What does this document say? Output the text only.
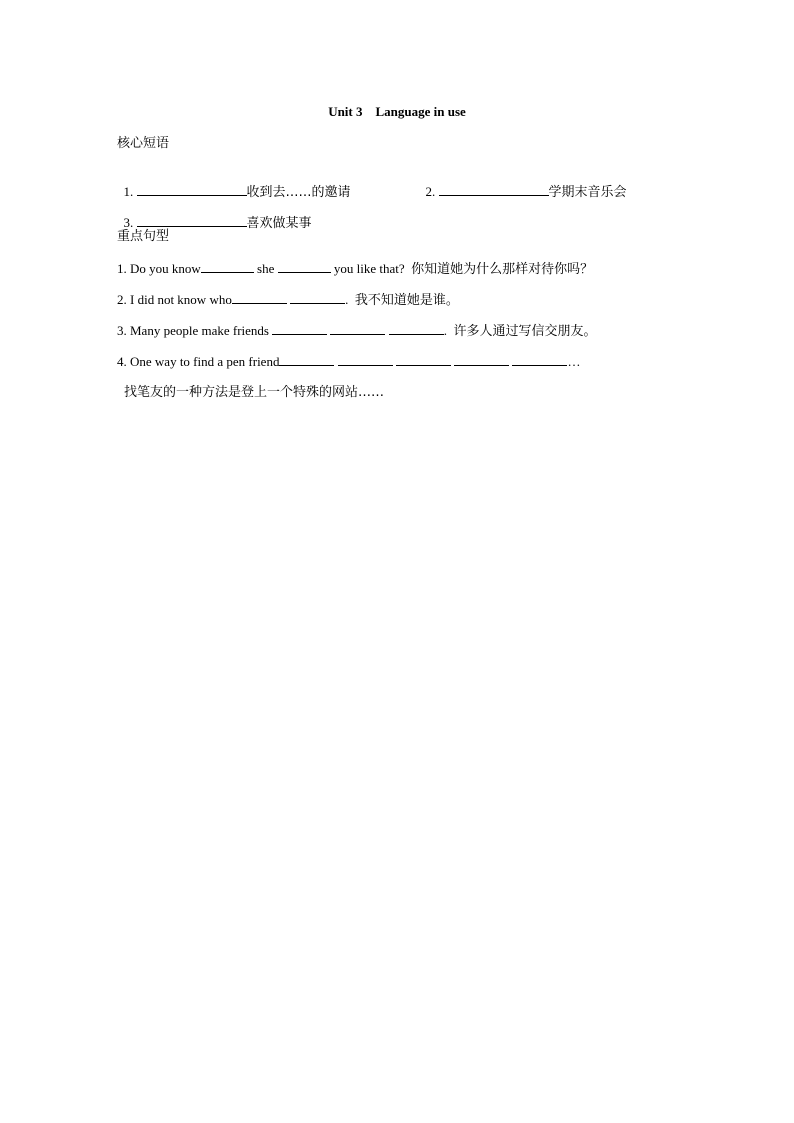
Unit 3    Language in use
核心短语

1.	收到去……的邀请	2.	学期末音乐会

3.	喜欢做某事

重点句型
1. Do you know	she	you like that?  你知道她为什么那样对待你吗？
2. I did not know who	.  我不知道她是谁。
3. Many people make friends	.  许多人通过写信交朋友。
4. One way to find a pen friend	…
找笔友的一种方法是登上一个特殊的网站……
